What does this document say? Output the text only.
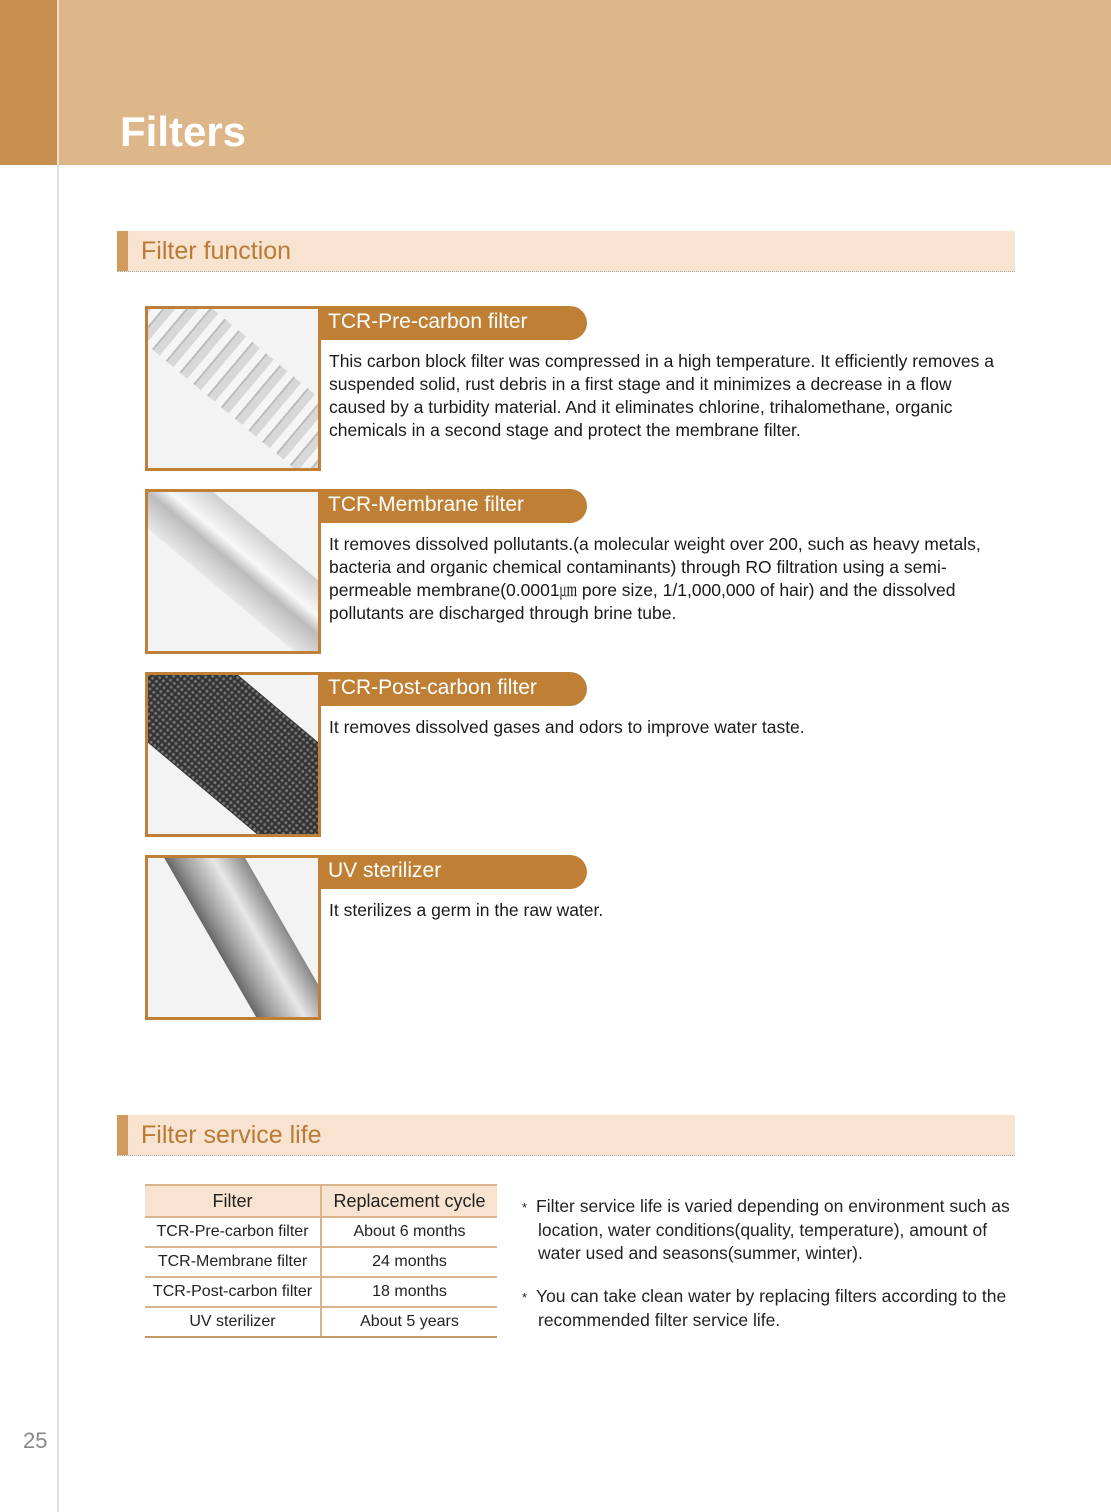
Filters
Filter function
TCR-Pre-carbon filter
This carbon block filter was compressed in a high temperature. It efficiently removes a suspended solid, rust debris in a first stage and it minimizes a decrease in a flow caused by a turbidity material. And it eliminates chlorine, trihalomethane, organic chemicals in a second stage and protect the membrane filter.
TCR-Membrane filter
It removes dissolved pollutants.(a molecular weight over 200, such as heavy metals, bacteria and organic chemical contaminants) through RO filtration using a semi-permeable membrane(0.0001㎛ pore size, 1/1,000,000 of hair) and the dissolved pollutants are discharged through brine tube.
TCR-Post-carbon filter
It removes dissolved gases and odors to improve water taste.
UV sterilizer
It sterilizes a germ in the raw water.
Filter service life
Filter	Replacement cycle
TCR-Pre-carbon filter	About 6 months
TCR-Membrane filter	24 months
TCR-Post-carbon filter	18 months
UV sterilizer	About 5 years
* Filter service life is varied depending on environment such as location, water conditions(quality, temperature), amount of water used and seasons(summer, winter).
* You can take clean water by replacing filters according to the recommended filter service life.
25
